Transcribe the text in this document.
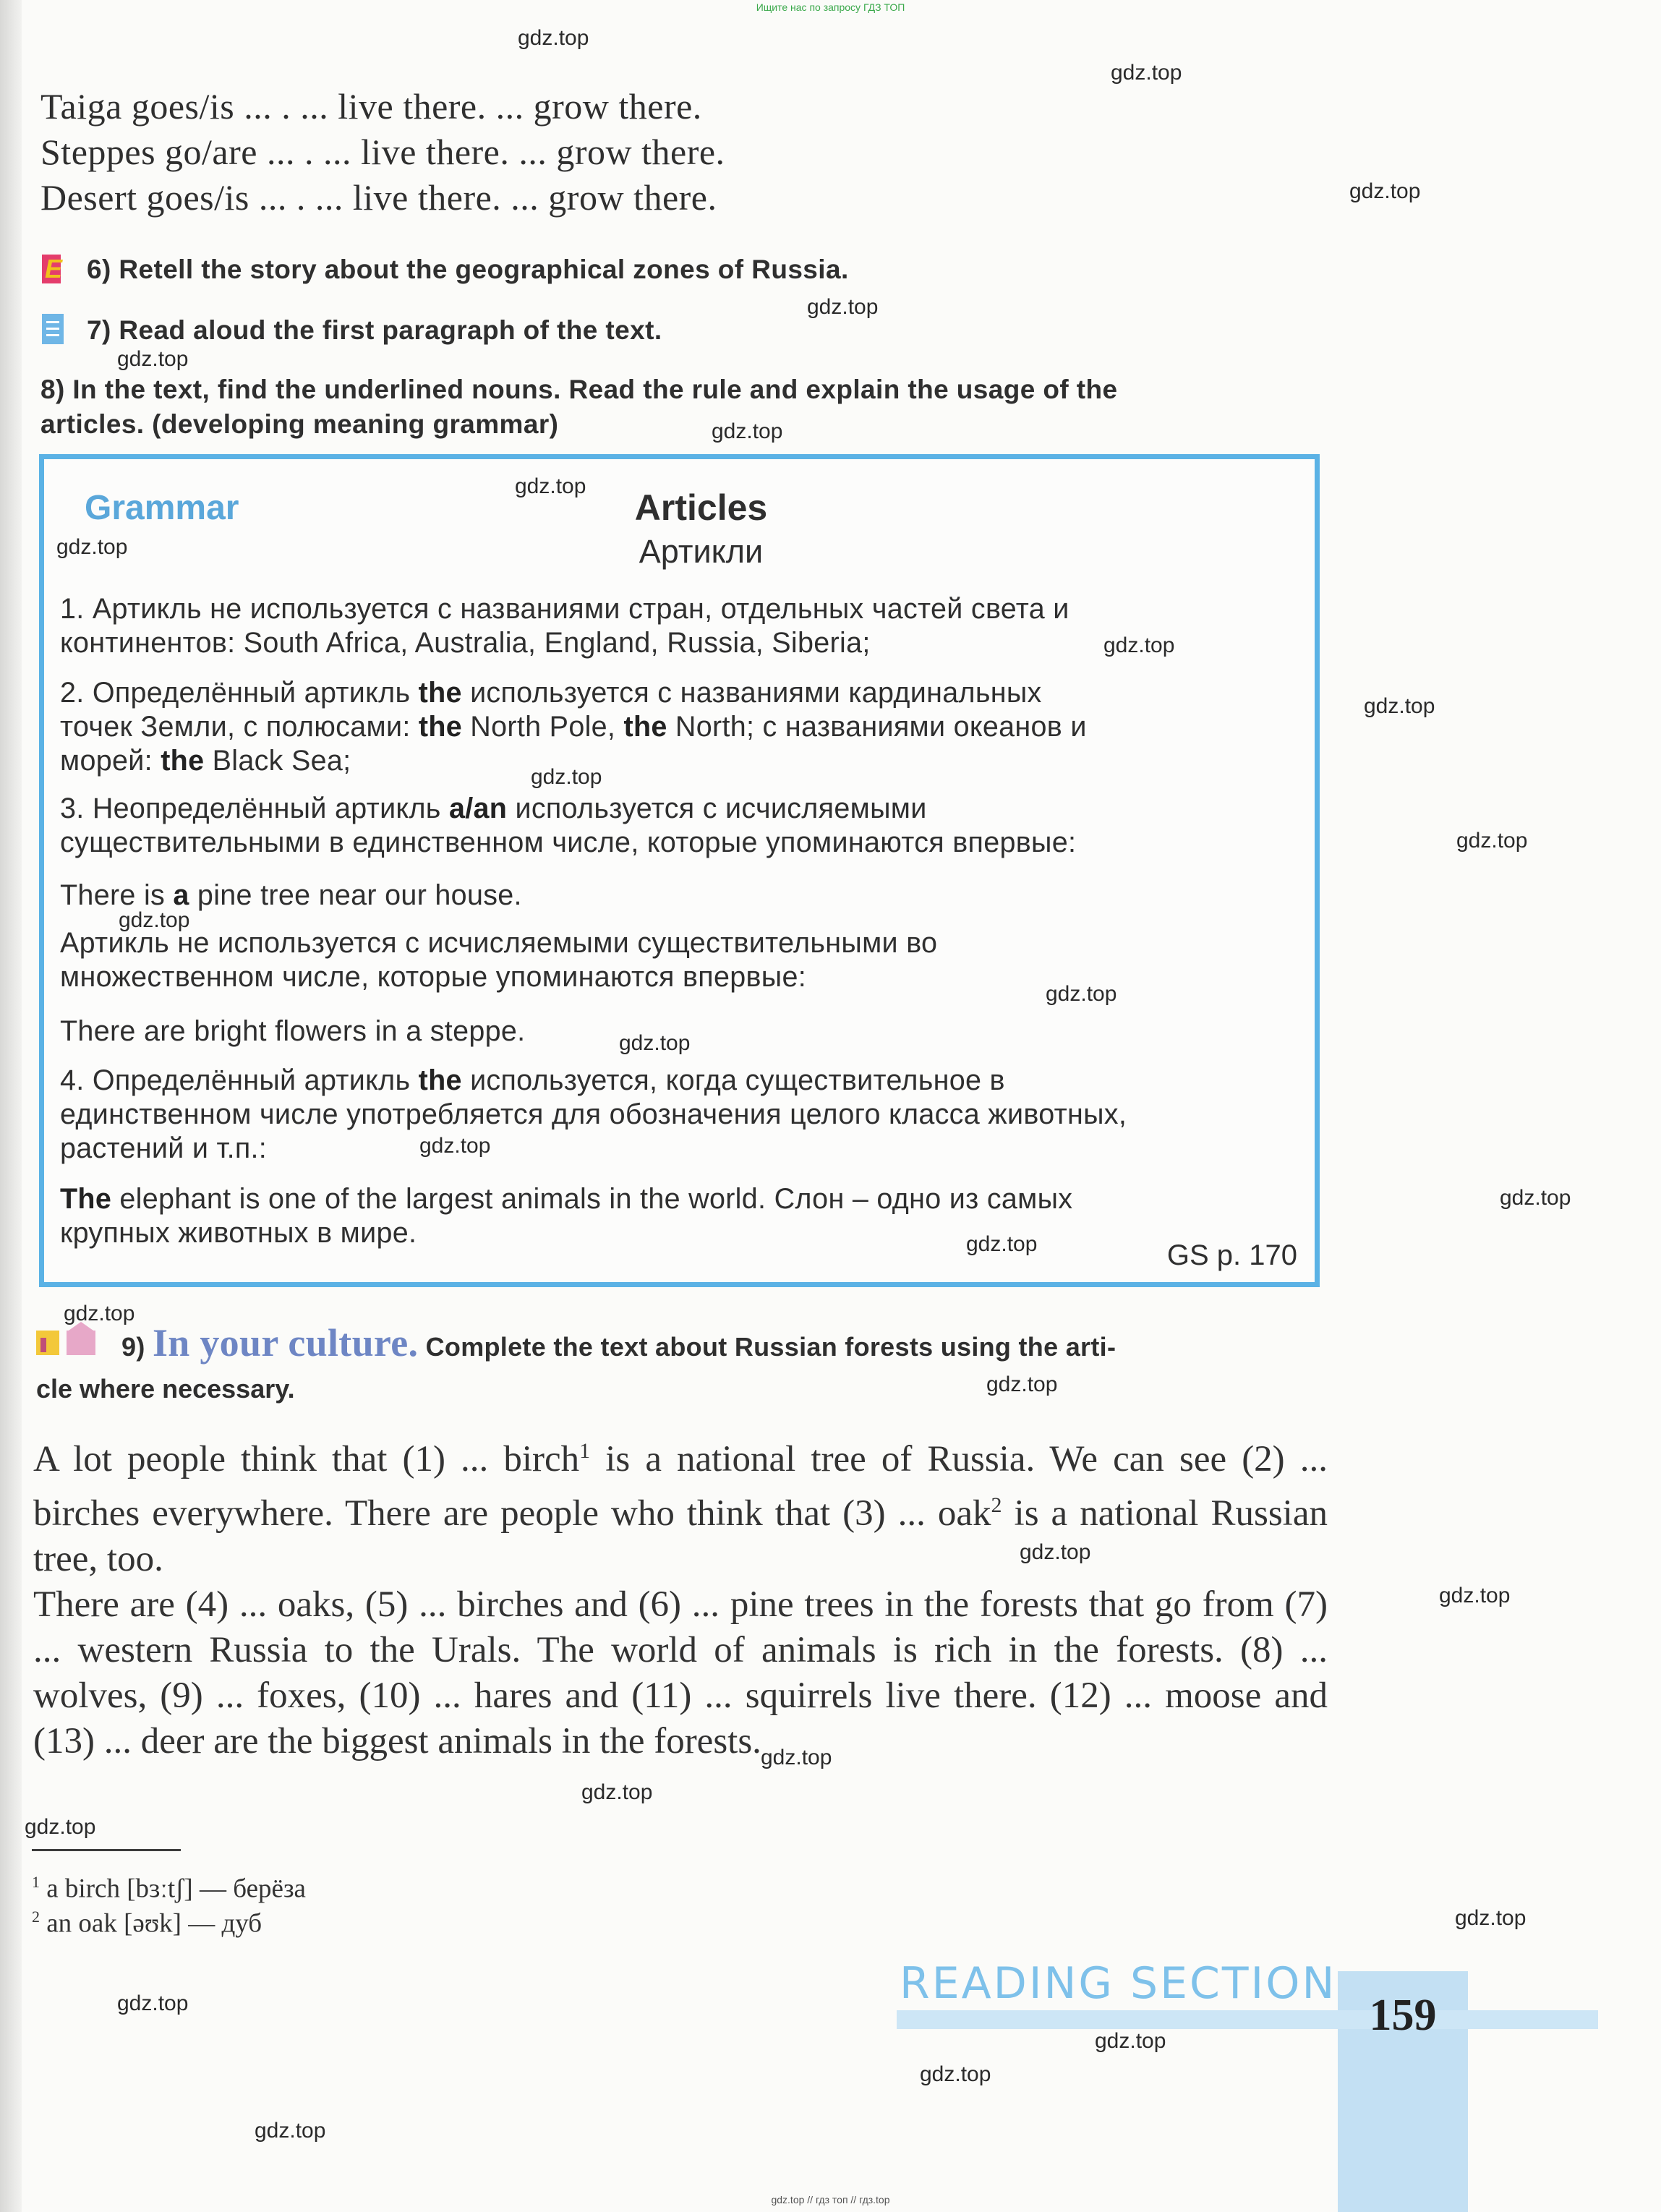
Ищите нас по запросу ГДЗ ТОП
Taiga goes/is ... . ... live there. ... grow there.
Steppes go/are ... . ... live there. ... grow there.
Desert goes/is ... . ... live there. ... grow there.
E 6) Retell the story about the geographical zones of Russia.
7) Read aloud the first paragraph of the text.
8) In the text, find the underlined nouns. Read the rule and explain the usage of the
articles. (developing meaning grammar)
Grammar	Articles
Артикли
1. Артикль не используется с названиями стран, отдельных частей света и
континентов: South Africa, Australia, England, Russia, Siberia;
2. Определённый артикль the используется с названиями кардинальных
точек Земли, с полюсами: the North Pole, the North; с названиями океанов и
морей: the Black Sea;
3. Неопределённый артикль a/an используется с исчисляемыми
существительными в единственном числе, которые упоминаются впервые:
There is a pine tree near our house.
Артикль не используется с исчисляемыми существительными во
множественном числе, которые упоминаются впервые:
There are bright flowers in a steppe.
4. Определённый артикль the используется, когда существительное в
единственном числе употребляется для обозначения целого класса животных,
растений и т.п.:
The elephant is one of the largest animals in the world. Слон – одно из самых
крупных животных в мире.
GS p. 170
9) In your culture. Complete the text about Russian forests using the arti-
cle where necessary.

A lot people think that (1) ... birch$^1$ is a national tree of Russia. We can see (2) ... birches everywhere. There are people who think that (3) ... oak$^2$ is a national Russian tree, too.

There are (4) ... oaks, (5) ... birches and (6) ... pine trees in the forests that go from (7) ... western Russia to the Urals. The world of animals is rich in the forests. (8) ... wolves, (9) ... foxes, (10) ... hares and (11) ... squirrels live there. (12) ... moose and (13) ... deer are the biggest animals in the forests.

$^1$ a birch [bɜːtʃ] — берёза
$^2$ an oak [əʊk] — дуб
READING SECTION
159
gdz.top
gdz.top
gdz.top
gdz.top
gdz.top
gdz.top
gdz.top
gdz.top
gdz.top
gdz.top
gdz.top
gdz.top
gdz.top
gdz.top
gdz.top
gdz.top
gdz.top
gdz.top
gdz.top
gdz.top
gdz.top
gdz.top
gdz.top
gdz.top
gdz.top
gdz.top
gdz.top
gdz.top
gdz.top
gdz.top
gdz.top // гдз топ // гдз.top
